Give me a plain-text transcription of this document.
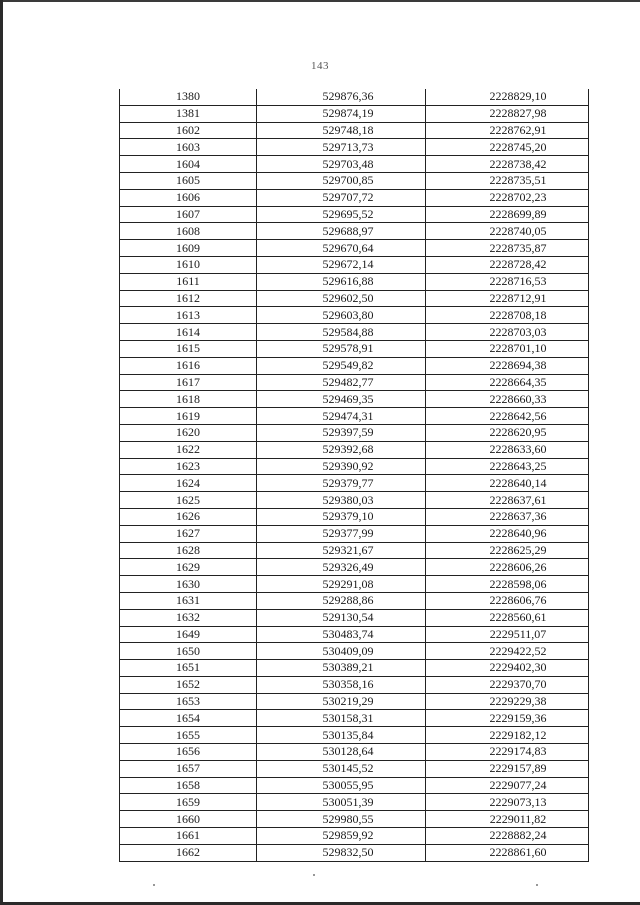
143
1380	529876,36	2228829,10
1381	529874,19	2228827,98
1602	529748,18	2228762,91
1603	529713,73	2228745,20
1604	529703,48	2228738,42
1605	529700,85	2228735,51
1606	529707,72	2228702,23
1607	529695,52	2228699,89
1608	529688,97	2228740,05
1609	529670,64	2228735,87
1610	529672,14	2228728,42
1611	529616,88	2228716,53
1612	529602,50	2228712,91
1613	529603,80	2228708,18
1614	529584,88	2228703,03
1615	529578,91	2228701,10
1616	529549,82	2228694,38
1617	529482,77	2228664,35
1618	529469,35	2228660,33
1619	529474,31	2228642,56
1620	529397,59	2228620,95
1622	529392,68	2228633,60
1623	529390,92	2228643,25
1624	529379,77	2228640,14
1625	529380,03	2228637,61
1626	529379,10	2228637,36
1627	529377,99	2228640,96
1628	529321,67	2228625,29
1629	529326,49	2228606,26
1630	529291,08	2228598,06
1631	529288,86	2228606,76
1632	529130,54	2228560,61
1649	530483,74	2229511,07
1650	530409,09	2229422,52
1651	530389,21	2229402,30
1652	530358,16	2229370,70
1653	530219,29	2229229,38
1654	530158,31	2229159,36
1655	530135,84	2229182,12
1656	530128,64	2229174,83
1657	530145,52	2229157,89
1658	530055,95	2229077,24
1659	530051,39	2229073,13
1660	529980,55	2229011,82
1661	529859,92	2228882,24
1662	529832,50	2228861,60
